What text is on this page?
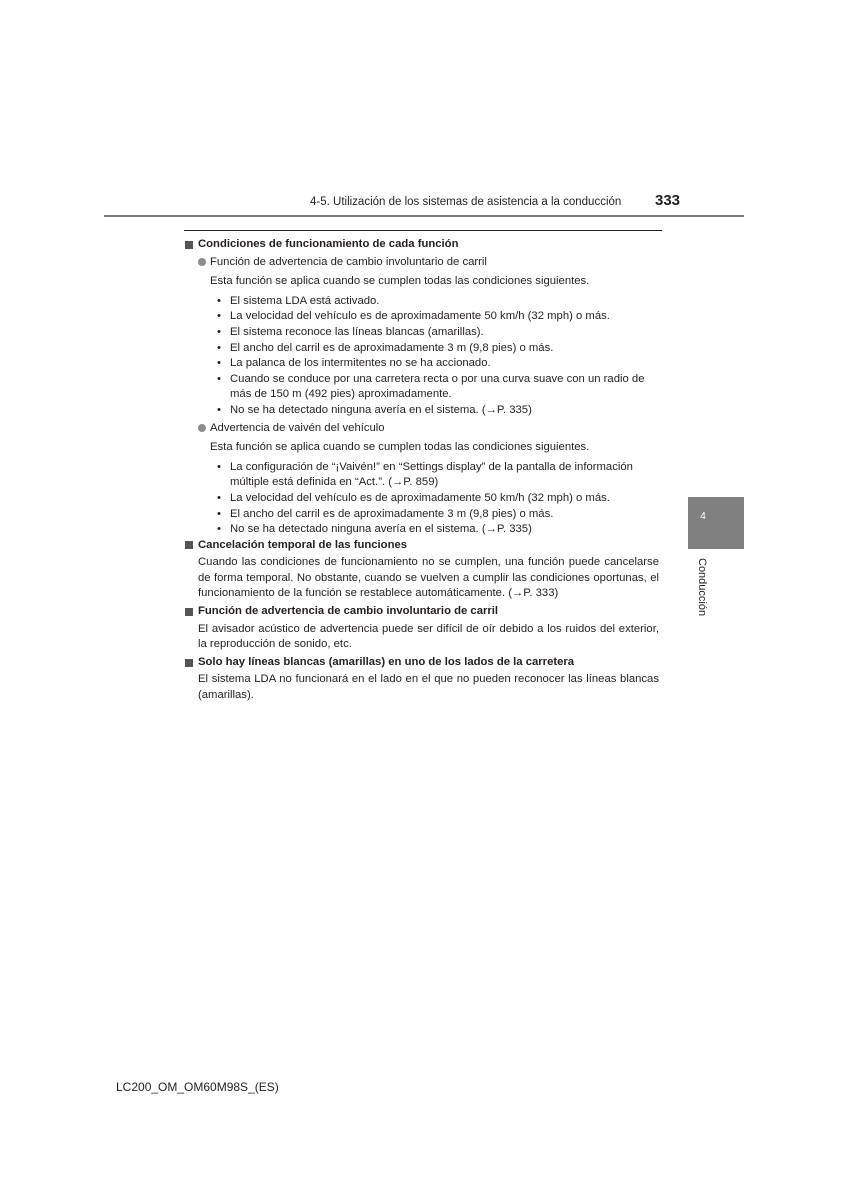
4-5. Utilización de los sistemas de asistencia a la conducción 333
Condiciones de funcionamiento de cada función
Función de advertencia de cambio involuntario de carril

Esta función se aplica cuando se cumplen todas las condiciones siguientes.

• El sistema LDA está activado.
• La velocidad del vehículo es de aproximadamente 50 km/h (32 mph) o más.
• El sistema reconoce las líneas blancas (amarillas).
• El ancho del carril es de aproximadamente 3 m (9,8 pies) o más.
• La palanca de los intermitentes no se ha accionado.
• Cuando se conduce por una carretera recta o por una curva suave con un radio de más de 150 m (492 pies) aproximadamente.
• No se ha detectado ninguna avería en el sistema. (→P. 335)
Advertencia de vaivén del vehículo

Esta función se aplica cuando se cumplen todas las condiciones siguientes.

• La configuración de “¡Vaivén!” en “Settings display” de la pantalla de información múltiple está definida en “Act.”. (→P. 859)
• La velocidad del vehículo es de aproximadamente 50 km/h (32 mph) o más.
• El ancho del carril es de aproximadamente 3 m (9,8 pies) o más.
• No se ha detectado ninguna avería en el sistema. (→P. 335)
Cancelación temporal de las funciones

Cuando las condiciones de funcionamiento no se cumplen, una función puede cancelarse de forma temporal. No obstante, cuando se vuelven a cumplir las condiciones oportunas, el funcionamiento de la función se restablece automáticamente. (→P. 333)

Función de advertencia de cambio involuntario de carril

El avisador acústico de advertencia puede ser difícil de oír debido a los ruidos del exterior, la reproducción de sonido, etc.

Solo hay líneas blancas (amarillas) en uno de los lados de la carretera

El sistema LDA no funcionará en el lado en el que no pueden reconocer las líneas blancas (amarillas).

4
Conducción
LC200_OM_OM60M98S_(ES)
